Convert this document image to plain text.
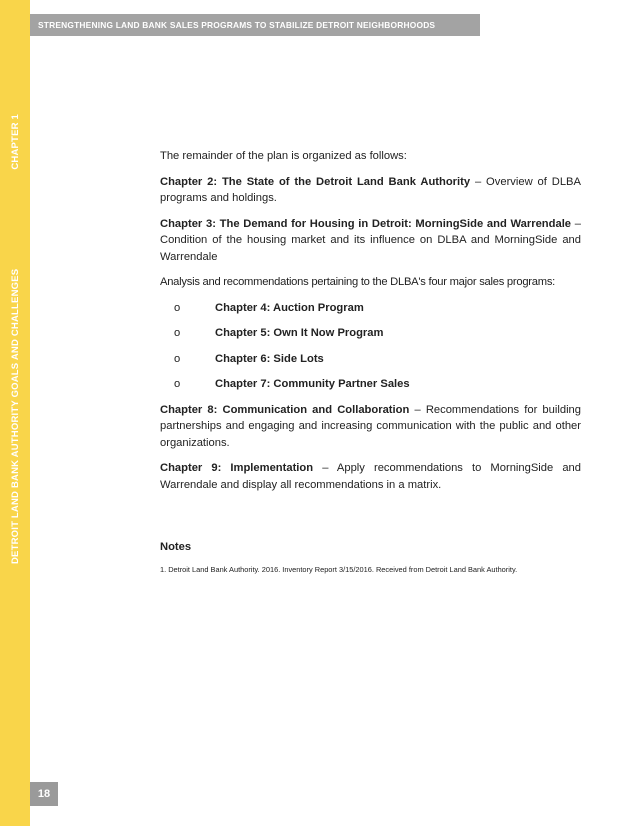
DETROIT LAND BANK AUTHORITY GOALS AND CHALLENGES
CHAPTER 1
18
STRENGTHENING LAND BANK SALES PROGRAMS TO STABILIZE DETROIT NEIGHBORHOODS

The remainder of the plan is organized as follows:

Chapter 2: The State of the Detroit Land Bank Authority – Overview of DLBA programs and holdings.

Chapter 3: The Demand for Housing in Detroit: MorningSide and Warrendale – Condition of the housing market and its influence on DLBA and MorningSide and Warrendale

Analysis and recommendations pertaining to the DLBA's four major sales programs:

o	Chapter 4: Auction Program
o	Chapter 5: Own It Now Program
o	Chapter 6: Side Lots
o	Chapter 7: Community Partner Sales

Chapter 8: Communication and Collaboration – Recommendations for building partnerships and engaging and increasing communication with the public and other organizations.

Chapter 9: Implementation – Apply recommendations to MorningSide and Warrendale and display all recommendations in a matrix.

Notes
1. Detroit Land Bank Authority. 2016. Inventory Report 3/15/2016. Received from Detroit Land Bank Authority.
